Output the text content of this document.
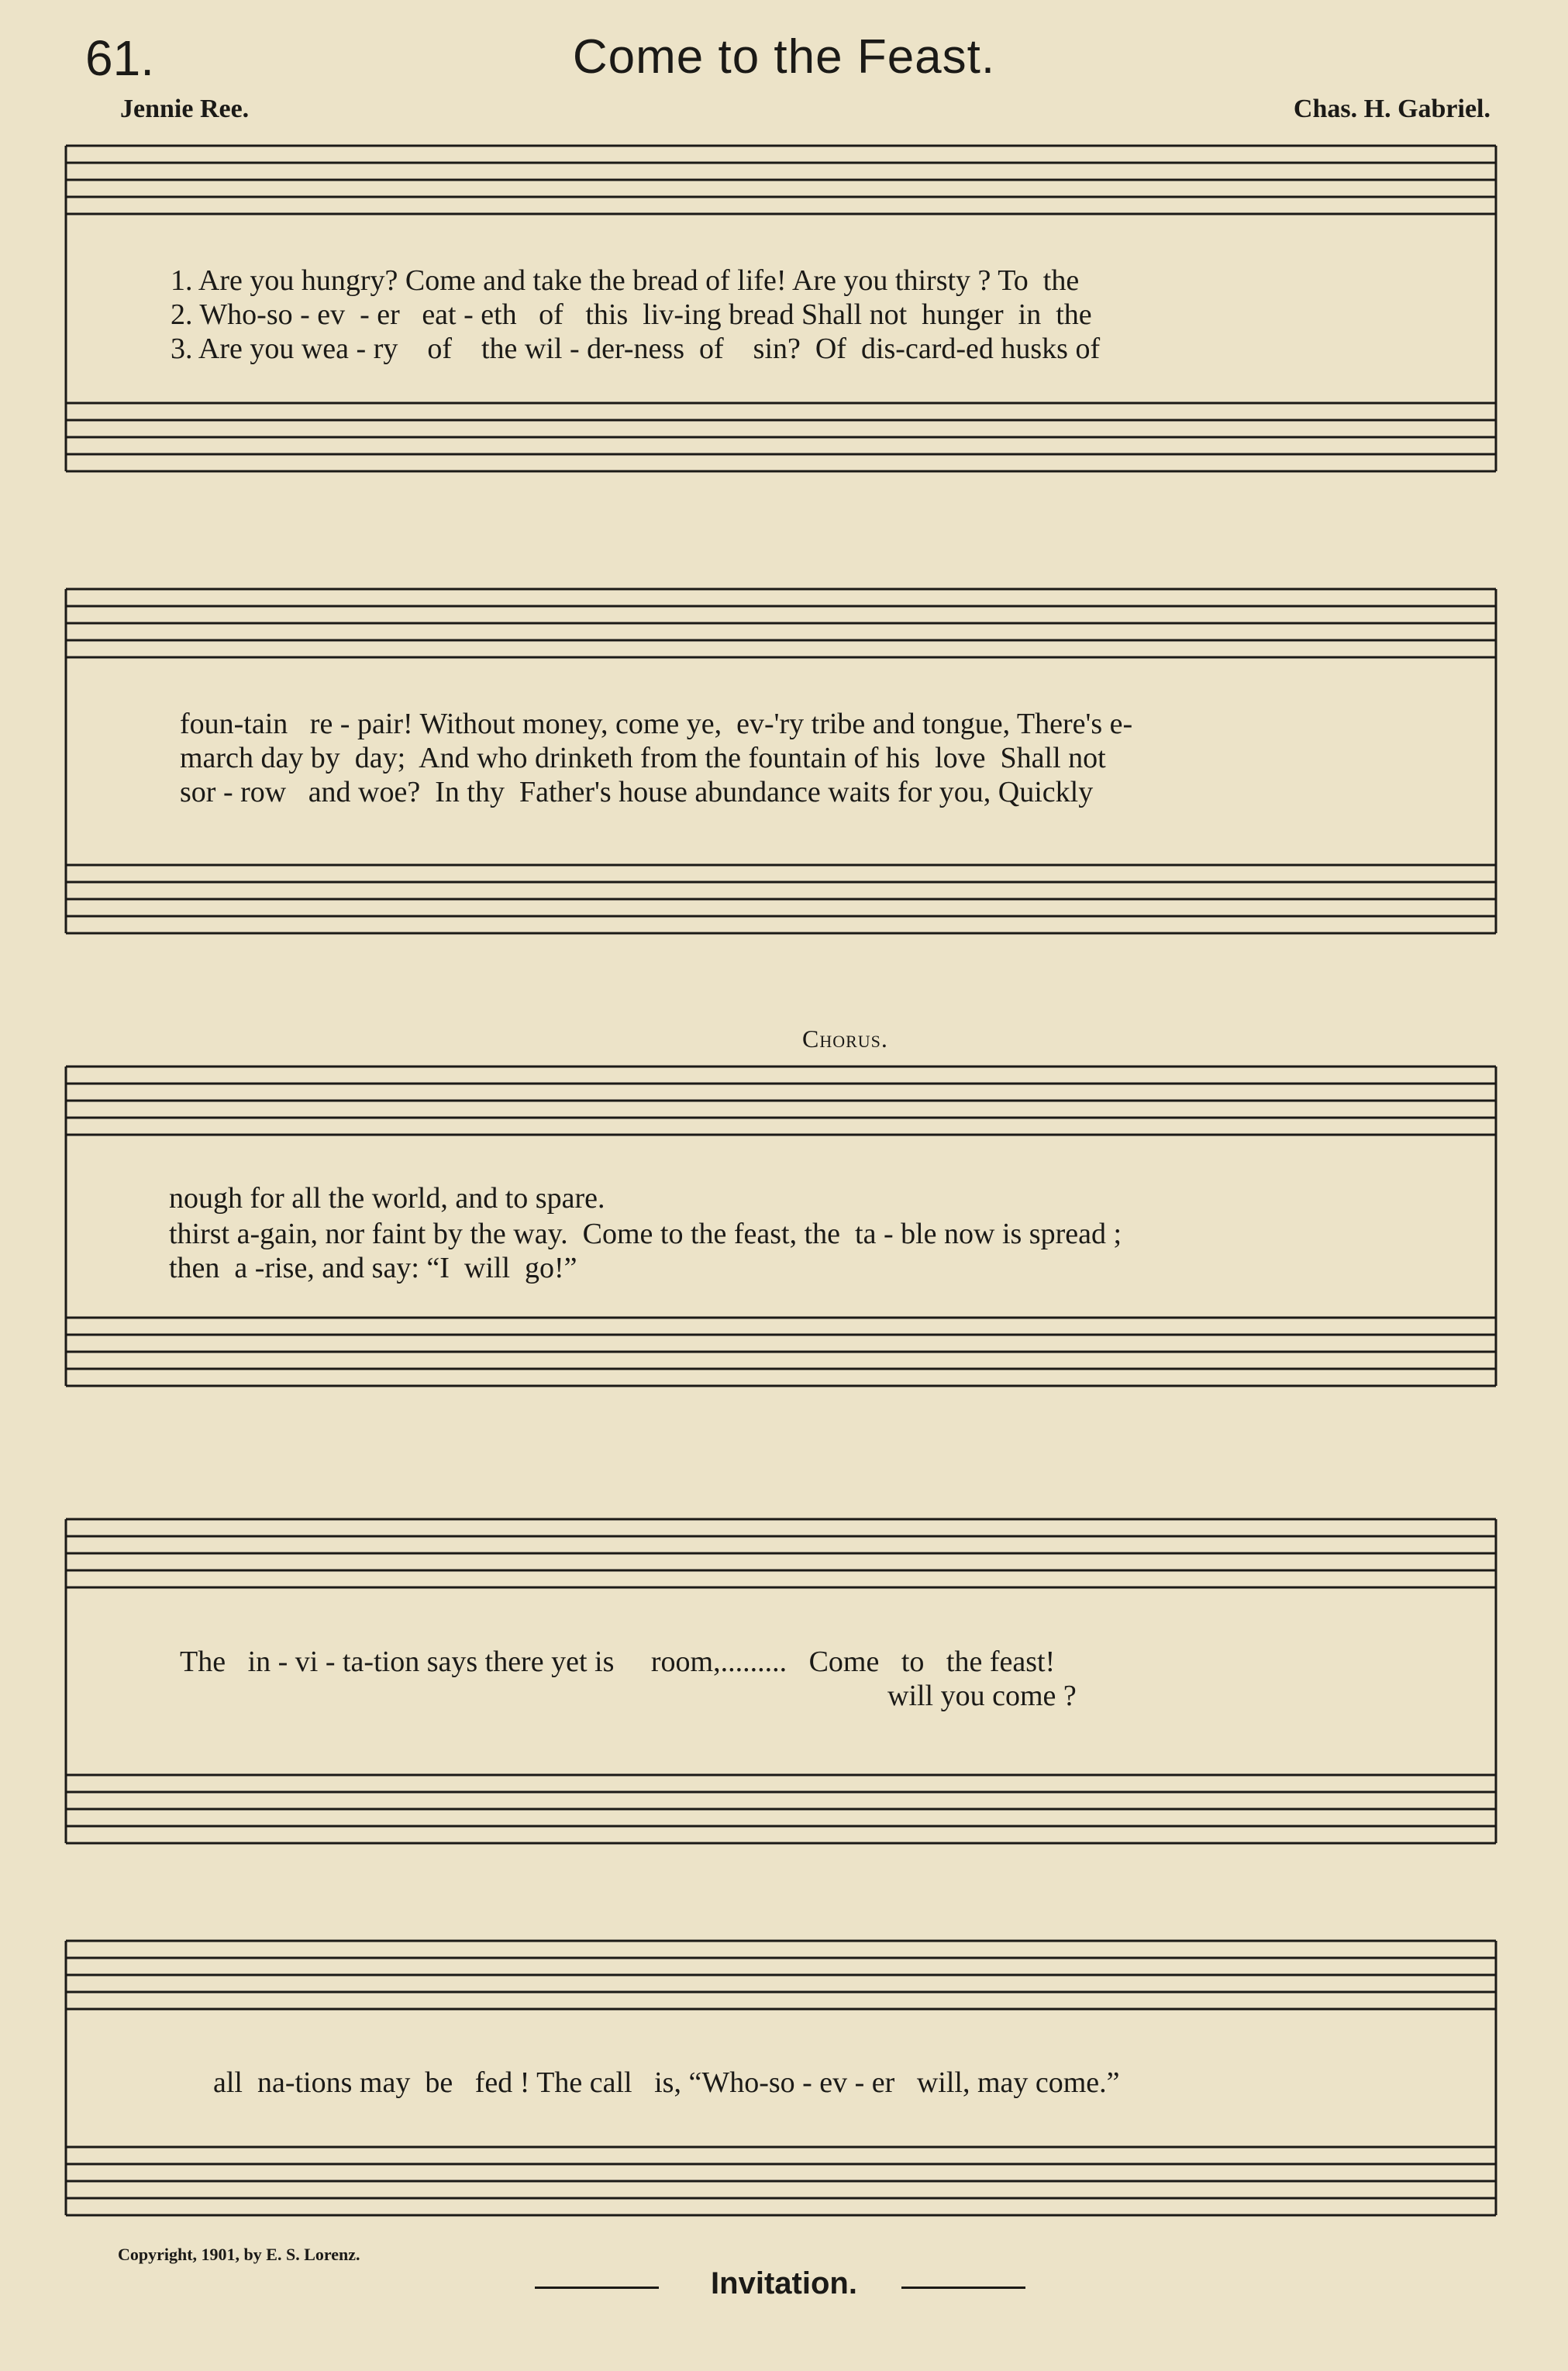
61.	Come to the Feast.
Jennie Ree.	Chas. H. Gabriel.
1. Are you hungry? Come and take the bread of life! Are you thirsty ? To  the
2. Who-so - ev  - er   eat - eth   of   this  liv-ing bread Shall not  hunger  in  the
3. Are you wea - ry    of    the wil - der-ness  of    sin?  Of  dis-card-ed husks of
foun-tain   re - pair! Without money, come ye,  ev-'ry tribe and tongue, There's e-
march day by  day;  And who drinketh from the fountain of his  love  Shall not
sor - row   and woe?  In thy  Father's house abundance waits for you, Quickly
Chorus.
nough for all the world, and to spare.
thirst a-gain, nor faint by the way.  Come to the feast, the  ta - ble now is spread ;
then  a -rise, and say: “I  will  go!”
The   in - vi - ta-tion says there yet is     room,.........   Come   to   the feast!
will you come ?
all  na-tions may  be   fed ! The call   is, “Who-so - ev - er   will, may come.”
Copyright, 1901, by E. S. Lorenz.
Invitation.
